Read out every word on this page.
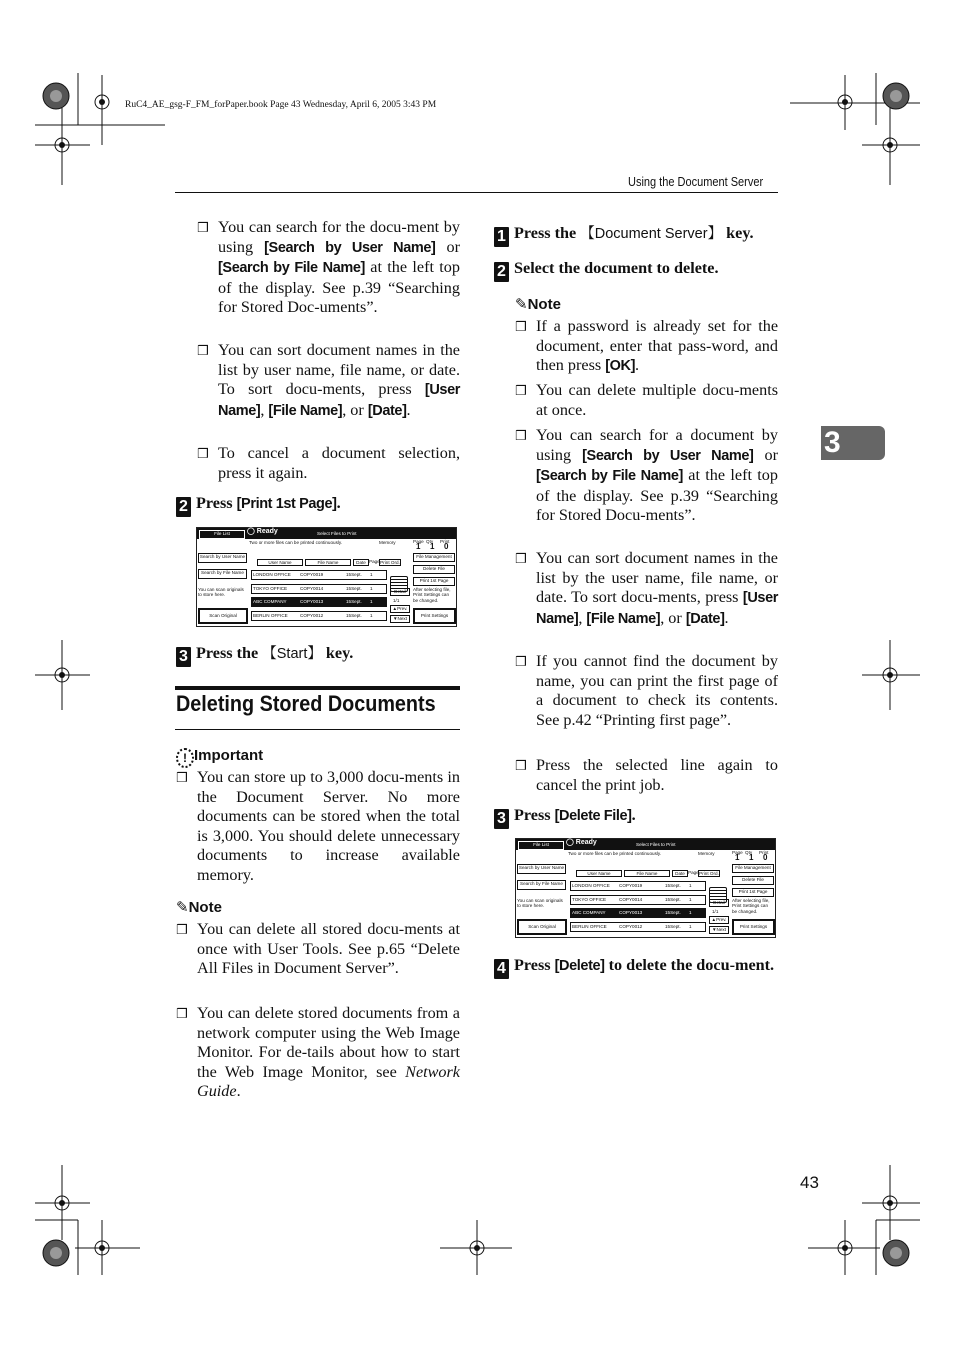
RuC4_AE_gsg-F_FM_forPaper.book Page 43 Wednesday, April 6, 2005 3:43 PM
Using the Document Server
3
❒ You can search for the docu-ment by using [Search by User Name] or [Search by File Name] at the left top of the display. See p.39 “Searching for Stored Doc-uments”.
❒ You can sort document names in the list by user name, file name, or date. To sort docu-ments, press [User Name], [File Name], or [Date].
❒ To cancel a document selection, press it again.
2 Press [Print 1st Page].
File List	◯ Ready	Select Files to Print
Search by User Name
Search by File Name
You can scan originals to store here.
Scan Original
Two or more files can be printed continuously.	Memory	Page Qty Print
1 1 0
User Name	File Name	Date Page Print Ord.
LONDON OFFICE	COPY0019	15Sept. 1
TOKYO OFFICE	COPY0014	15Sept. 1
ABC COMPANY	COPY0013	15Sept. 1
BERLIN OFFICE	COPY0012	15Sept. 1
File Management
Delete File
Print 1st Page
After selecting file, Print Settings can be changed.
Print Settings
Detail
1/1
▲Prev.
▼Next
3 Press the 【Start】 key.
Deleting Stored Documents
! Important
❒ You can store up to 3,000 docu-ments in the Document Server. No more documents can be stored when the total is 3,000. You should delete unnecessary documents to increase available memory.
✎Note
❒ You can delete all stored docu-ments at once with User Tools. See p.65 “Delete All Files in Document Server”.
❒ You can delete stored documents from a network computer using the Web Image Monitor. For de-tails about how to start the Web Image Monitor, see Network Guide.
1 Press the 【Document Server】 key.
2 Select the document to delete.
✎Note
❒ If a password is already set for the document, enter that pass-word, and then press [OK].
❒ You can delete multiple docu-ments at once.
❒ You can search for a document by using [Search by User Name] or [Search by File Name] at the left top of the display. See p.39 “Searching for Stored Docu-ments”.
❒ You can sort document names in the list by the user name, file name, or date. To sort docu-ments, press [User Name], [File Name], or [Date].
❒ If you cannot find the document by name, you can print the first page of a document to check its contents. See p.42 “Printing first page”.
❒ Press the selected line again to cancel the print job.
3 Press [Delete File].
File List	◯ Ready	Select Files to Print
Search by User Name
Search by File Name
You can scan originals to store here.
Scan Original
Two or more files can be printed continuously.	Memory	Page Qty Print
1 1 0
User Name	File Name	Date Page Print Ord.
LONDON OFFICE	COPY0019	15Sept. 1
TOKYO OFFICE	COPY0014	15Sept. 1
ABC COMPANY	COPY0013	15Sept. 1
BERLIN OFFICE	COPY0012	15Sept. 1
File Management
Delete File
Print 1st Page
After selecting file, Print Settings can be changed.
Print Settings
Detail
1/1
▲Prev.
▼Next
4 Press [Delete] to delete the docu-ment.
43
